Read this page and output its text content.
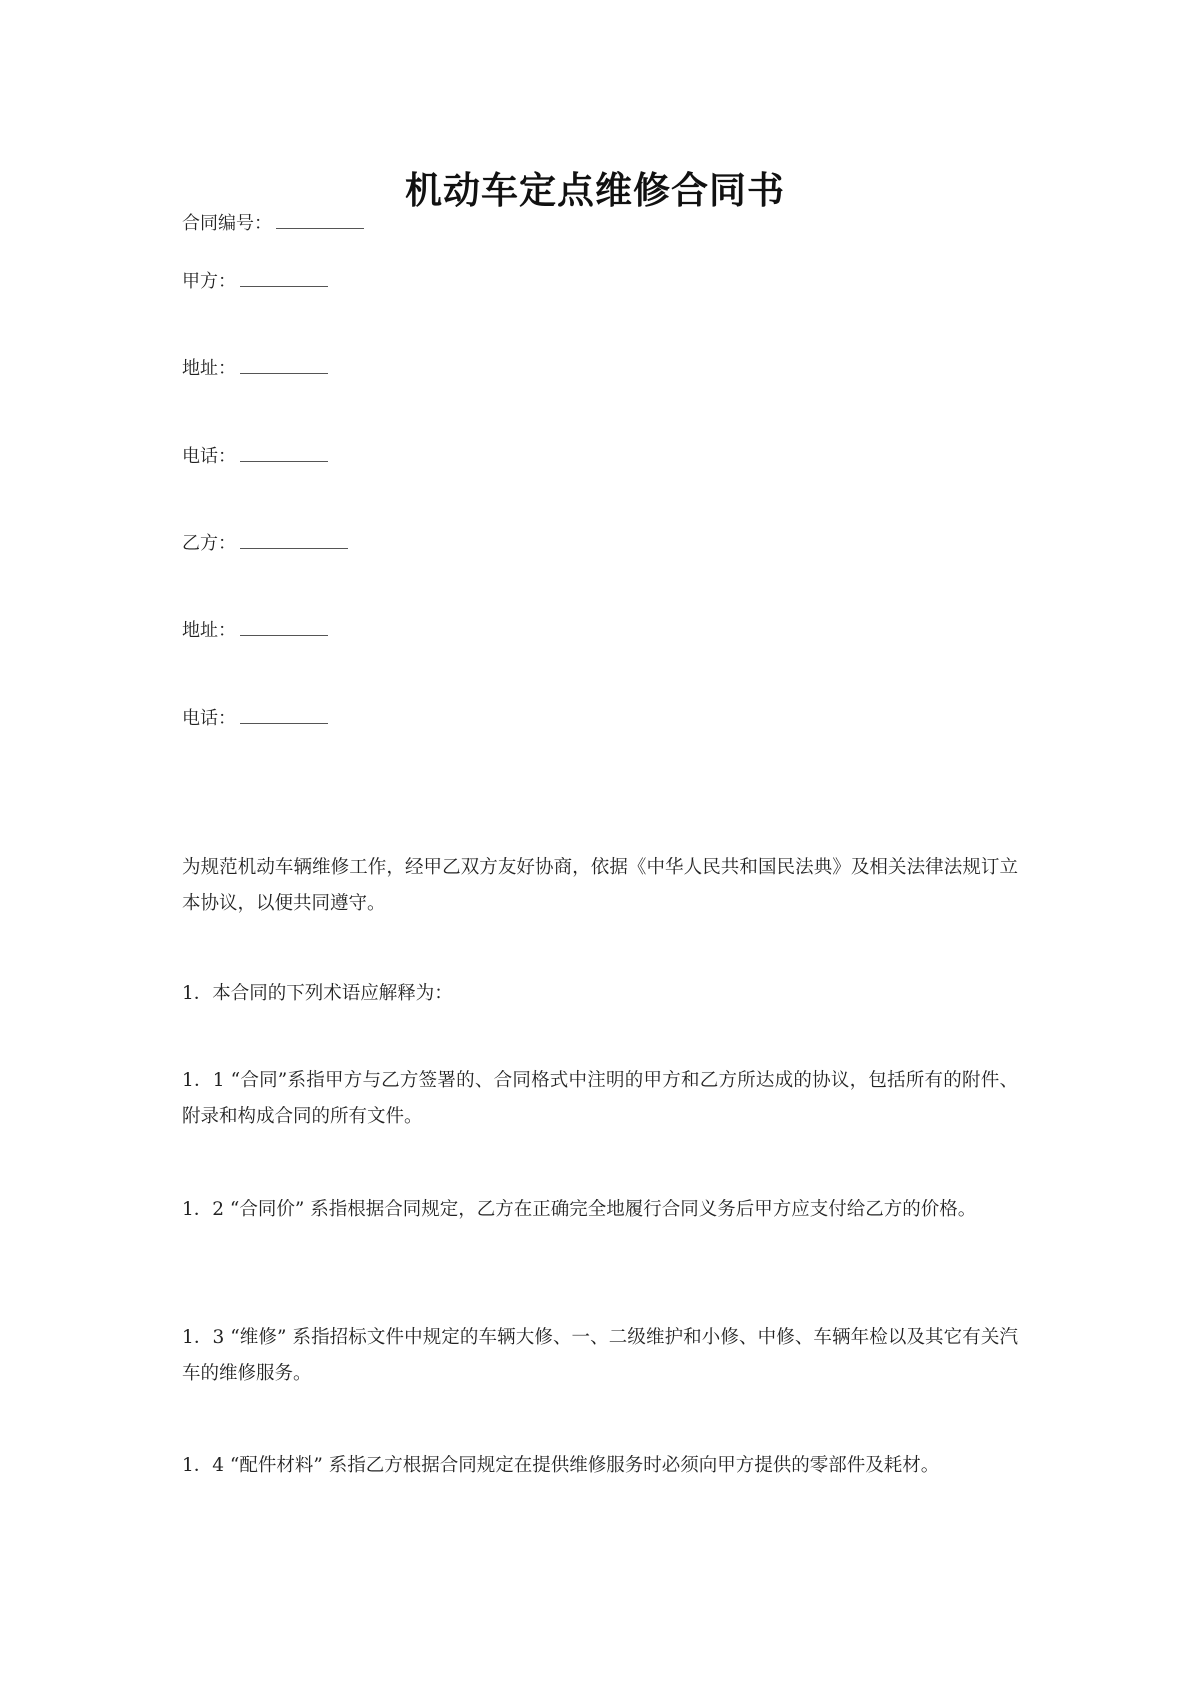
机动车定点维修合同书
合同编号：
甲方：
地址：
电话：
乙方：
地址：
电话：
为规范机动车辆维修工作，经甲乙双方友好协商，依据《中华人民共和国民法典》及相关法律法规订立本协议，以便共同遵守。
1．本合同的下列术语应解释为：
1．1 “合同”系指甲方与乙方签署的、合同格式中注明的甲方和乙方所达成的协议，包括所有的附件、附录和构成合同的所有文件。
1．2 “合同价” 系指根据合同规定，乙方在正确完全地履行合同义务后甲方应支付给乙方的价格。
1．3 “维修” 系指招标文件中规定的车辆大修、一、二级维护和小修、中修、车辆年检以及其它有关汽车的维修服务。
1．4 “配件材料” 系指乙方根据合同规定在提供维修服务时必须向甲方提供的零部件及耗材。
